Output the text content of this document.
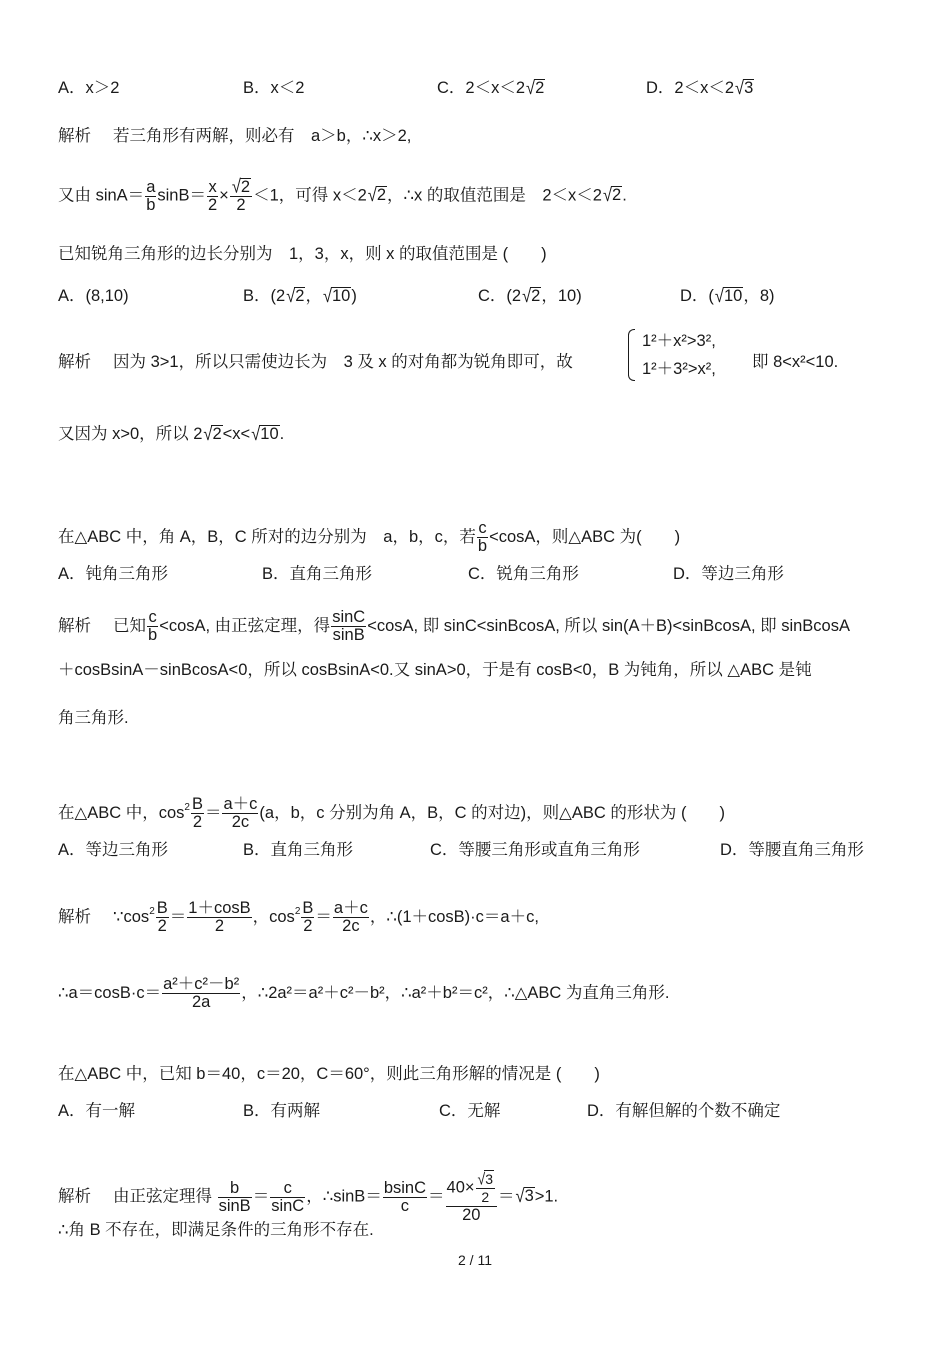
A．x＞2	B．x＜2	C．2＜x＜2√2	D．2＜x＜2√3
解析 若三角形有两解，则必有　a＞b，∴x＞2,
又由 $\sin A= \frac{a}{b} \sin B= \frac{x}{2} \times \frac{√2}{2} <1$，可得 x＜2√2，∴x 的取值范围是　2＜x＜2√2.
已知锐角三角形的边长分别为　1，3，x，则 x 的取值范围是 (　　)
A．(8,10)	B．(2√2，√10)	C．(2√2，10)	D．(√10，8)
解析 因为 3>1，所以只需使边长为　3 及 x 的对角都为锐角即可，故
1²＋x²>3²,
1²＋3²>x², 即 8<x²<10.
又因为 x>0，所以 2√2<x<√10.
在△ABC 中，角 A，B，C 所对的边分别为　a，b，c，若 $\frac{c}{b} <\cos A$，则△ABC 为(　　)
A．钝角三角形	B．直角三角形	C．锐角三角形	D．等边三角形
解析 已知 $\frac{c}{b} <\cos A$, 由正弦定理，得 $\frac{\sin C}{\sin B} <\cos A$, 即 sinC<sinBcosA, 所以 sin(A＋B)<sinBcosA, 即 sinBcosA
＋cosBsinA－sinBcosA<0，所以 cosBsinA<0.又 sinA>0，于是有 cosB<0，B 为钝角，所以 △ABC 是钝
角三角形.
在△ABC 中，$\cos^2 \frac{B}{2} = \frac{a+c}{2c} (a$，b，c 分别为角 A，B，C 的对边)，则△ABC 的形状为 (　　)
A．等边三角形	B．直角三角形	C．等腰三角形或直角三角形	D．等腰直角三角形
解析 $\because\cos^2 \frac{B}{2} = \frac{1+\cos B}{2}$ ，$\cos^2 \frac{B}{2} = \frac{a+c}{2c}$ ，∴(1＋cosB)·c＝a＋c,
∴a＝cosB·c＝ $\frac{\text{a²＋c²－b²}}{2a}$ ，∴2a²＝a²＋c²－b²，∴a²＋b²＝c²，∴△ABC 为直角三角形.
在△ABC 中，已知 b＝40，c＝20，C＝60°，则此三角形解的情况是 (　　)
A．有一解	B．有两解	C．无解	D．有解但解的个数不确定
解析 由正弦定理得 $\frac{b}{\sin B} = \frac{c}{\sin C}$ ，∴sinB＝ $\frac{bsinC}{c} = \frac{40\times \frac{√3}{2}}{20} =√3>1$.
∴角 B 不存在，即满足条件的三角形不存在.
2 / 11
